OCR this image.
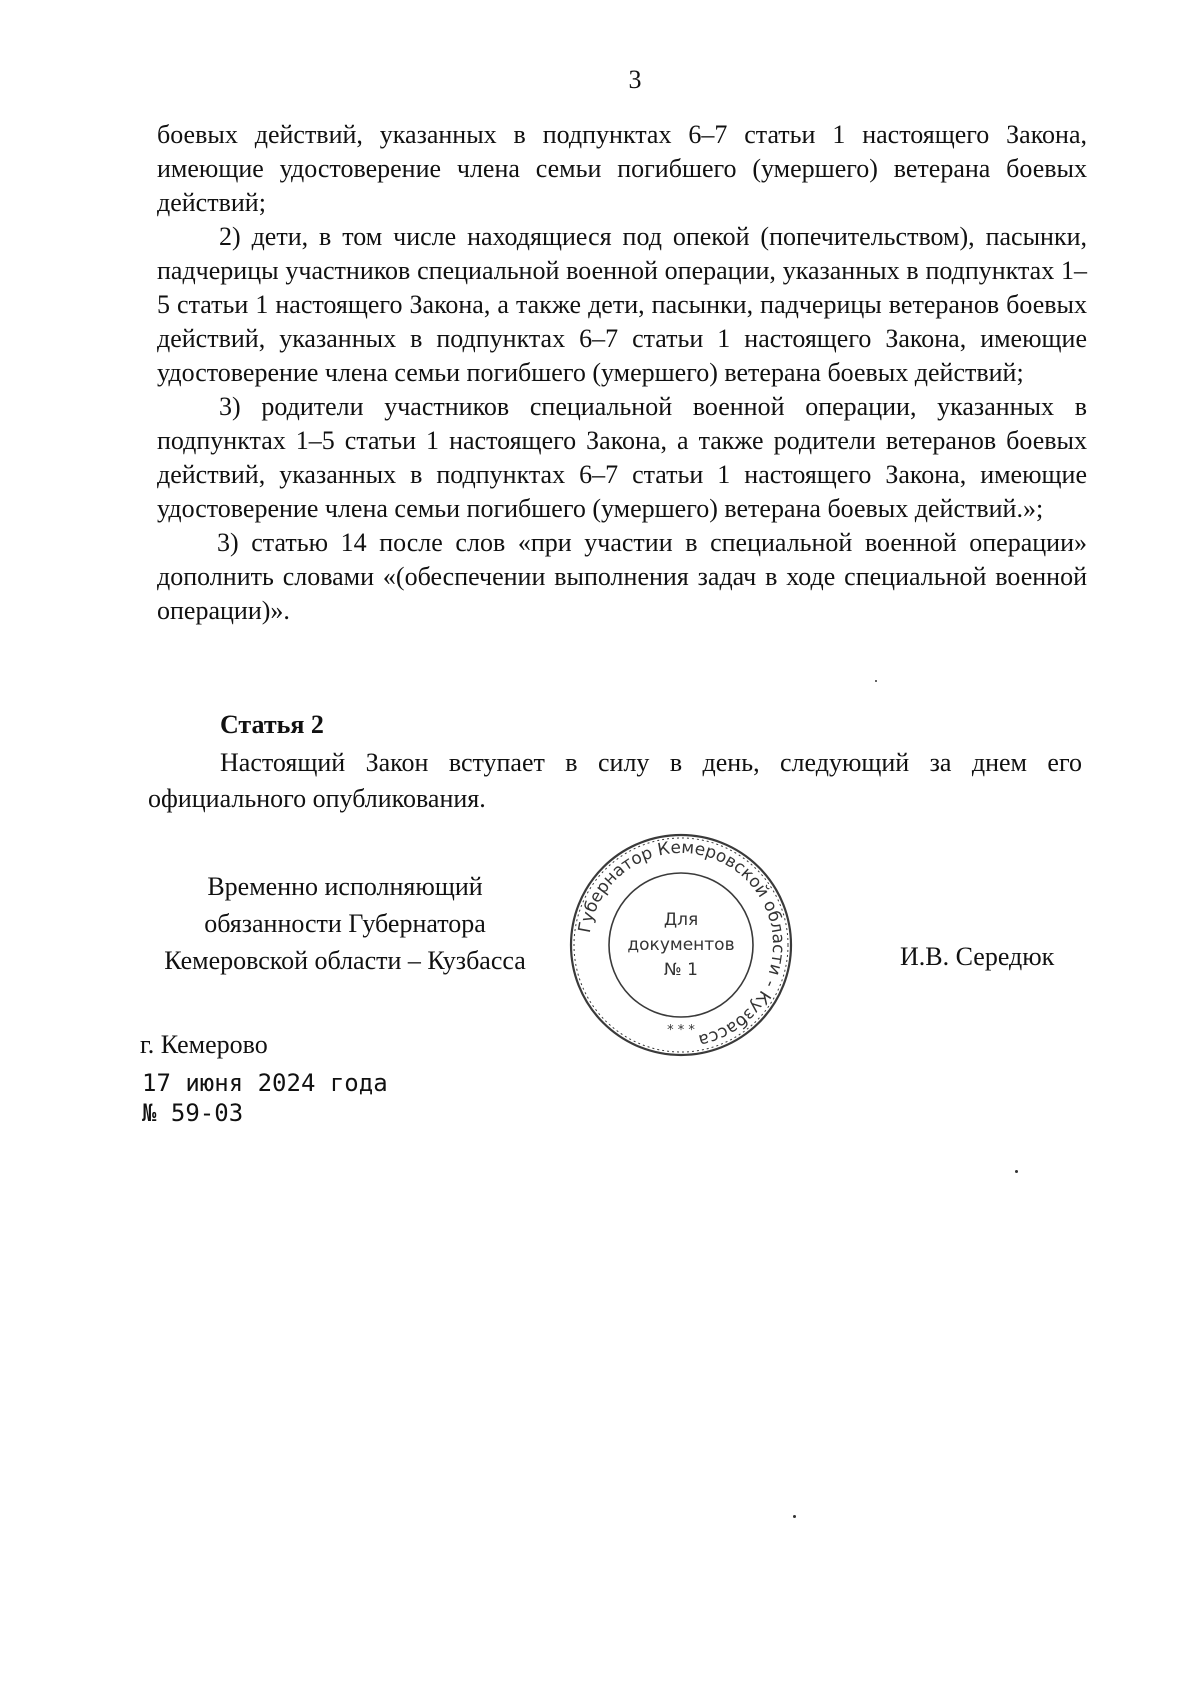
3

боевых действий, указанных в подпунктах 6–7 статьи 1 настоящего Закона, имеющие удостоверение члена семьи погибшего (умершего) ветерана боевых действий;

2) дети, в том числе находящиеся под опекой (попечительством), пасынки, падчерицы участников специальной военной операции, указанных в подпунктах 1–5 статьи 1 настоящего Закона, а также дети, пасынки, падчерицы ветеранов боевых действий, указанных в подпунктах 6–7 статьи 1 настоящего Закона, имеющие удостоверение члена семьи погибшего (умершего) ветерана боевых действий;

3) родители участников специальной военной операции, указанных в подпунктах 1–5 статьи 1 настоящего Закона, а также родители ветеранов боевых действий, указанных в подпунктах 6–7 статьи 1 настоящего Закона, имеющие удостоверение члена семьи погибшего (умершего) ветерана боевых действий.»;

3) статью 14 после слов «при участии в специальной военной операции» дополнить словами «(обеспечении выполнения задач в ходе специальной военной операции)».

Статья 2

Настоящий Закон вступает в силу в день, следующий за днем его официального опубликования.

Временно исполняющий
обязанности Губернатора
Кемеровской области – Кузбасса
Губернатор Кемеровской области - Кузбасса
Для
документов
№ 1
* * *
И.В. Середюк
г. Кемерово
17 июня 2024 года
№ 59-03
